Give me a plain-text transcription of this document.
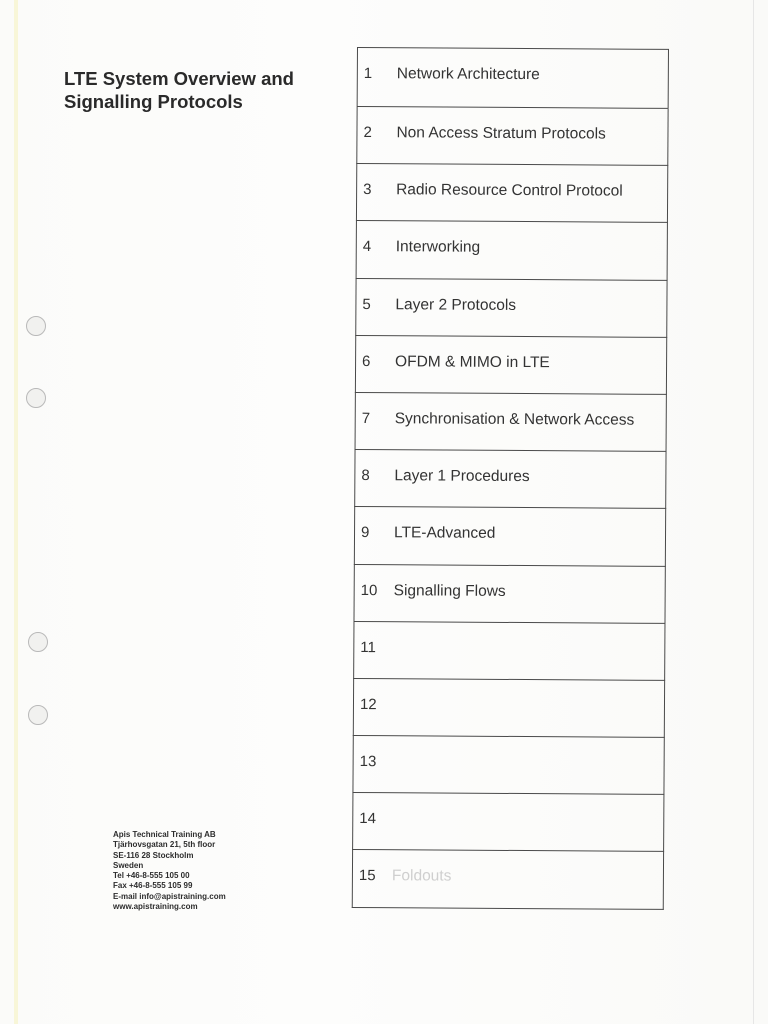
LTE System Overview and
Signalling Protocols
1 Network Architecture
2 Non Access Stratum Protocols
3 Radio Resource Control Protocol
4 Interworking
5 Layer 2 Protocols
6 OFDM & MIMO in LTE
7 Synchronisation & Network Access
8 Layer 1 Procedures
9 LTE-Advanced
10 Signalling Flows
11
12
13
14
15 Foldouts
Apis Technical Training AB
Tjärhovsgatan 21, 5th floor
SE-116 28 Stockholm
Sweden
Tel +46-8-555 105 00
Fax +46-8-555 105 99
E-mail info@apistraining.com
www.apistraining.com
